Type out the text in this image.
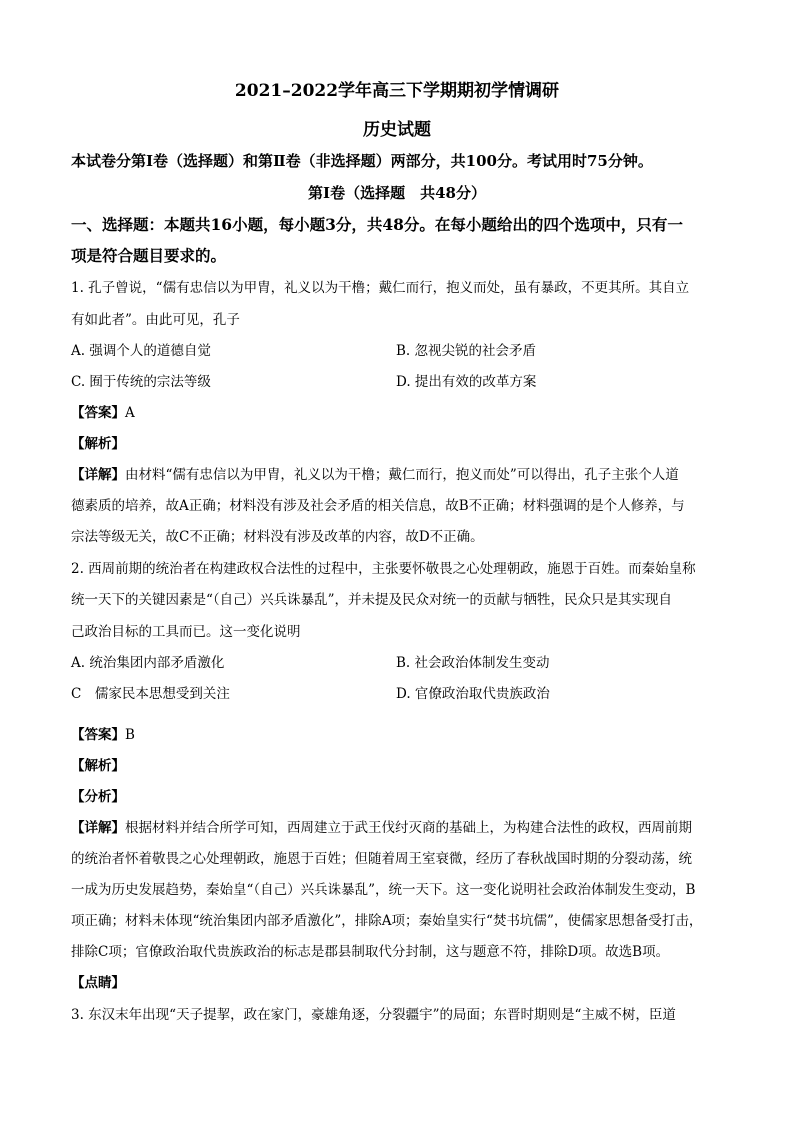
2021–2022学年高三下学期期初学情调研
历史试题
本试卷分第Ⅰ卷（选择题）和第Ⅱ卷（非选择题）两部分，共100分。考试用时75分钟。
第Ⅰ卷（选择题　共48分）
一、选择题：本题共16小题，每小题3分，共48分。在每小题给出的四个选项中，只有一
项是符合题目要求的。
1. 孔子曾说，“儒有忠信以为甲胄，礼义以为干橹；戴仁而行，抱义而处，虽有暴政，不更其所。其自立
有如此者”。由此可见，孔子
A. 强调个人的道德自觉	B. 忽视尖锐的社会矛盾
C. 囿于传统的宗法等级	D. 提出有效的改革方案
【答案】A
【解析】
【详解】由材料“儒有忠信以为甲胄，礼义以为干橹；戴仁而行，抱义而处”可以得出，孔子主张个人道
德素质的培养，故A正确；材料没有涉及社会矛盾的相关信息，故B不正确；材料强调的是个人修养，与
宗法等级无关，故C不正确；材料没有涉及改革的内容，故D不正确。
2. 西周前期的统治者在构建政权合法性的过程中，主张要怀敬畏之心处理朝政，施恩于百姓。而秦始皇称
统一天下的关键因素是“（自己）兴兵诛暴乱”，并未提及民众对统一的贡献与牺牲，民众只是其实现自
己政治目标的工具而已。这一变化说明
A. 统治集团内部矛盾激化	B. 社会政治体制发生变动
C　儒家民本思想受到关注	D. 官僚政治取代贵族政治
【答案】B
【解析】
【分析】
【详解】根据材料并结合所学可知，西周建立于武王伐纣灭商的基础上，为构建合法性的政权，西周前期
的统治者怀着敬畏之心处理朝政，施恩于百姓；但随着周王室衰微，经历了春秋战国时期的分裂动荡，统
一成为历史发展趋势，秦始皇“（自己）兴兵诛暴乱”，统一天下。这一变化说明社会政治体制发生变动，B
项正确；材料未体现“统治集团内部矛盾激化”，排除A项；秦始皇实行“焚书坑儒”，使儒家思想备受打击，
排除C项；官僚政治取代贵族政治的标志是郡县制取代分封制，这与题意不符，排除D项。故选B项。
【点睛】
3. 东汉末年出现“天子提挈，政在家门，豪雄角逐，分裂疆宇”的局面；东晋时期则是“主威不树，臣道
